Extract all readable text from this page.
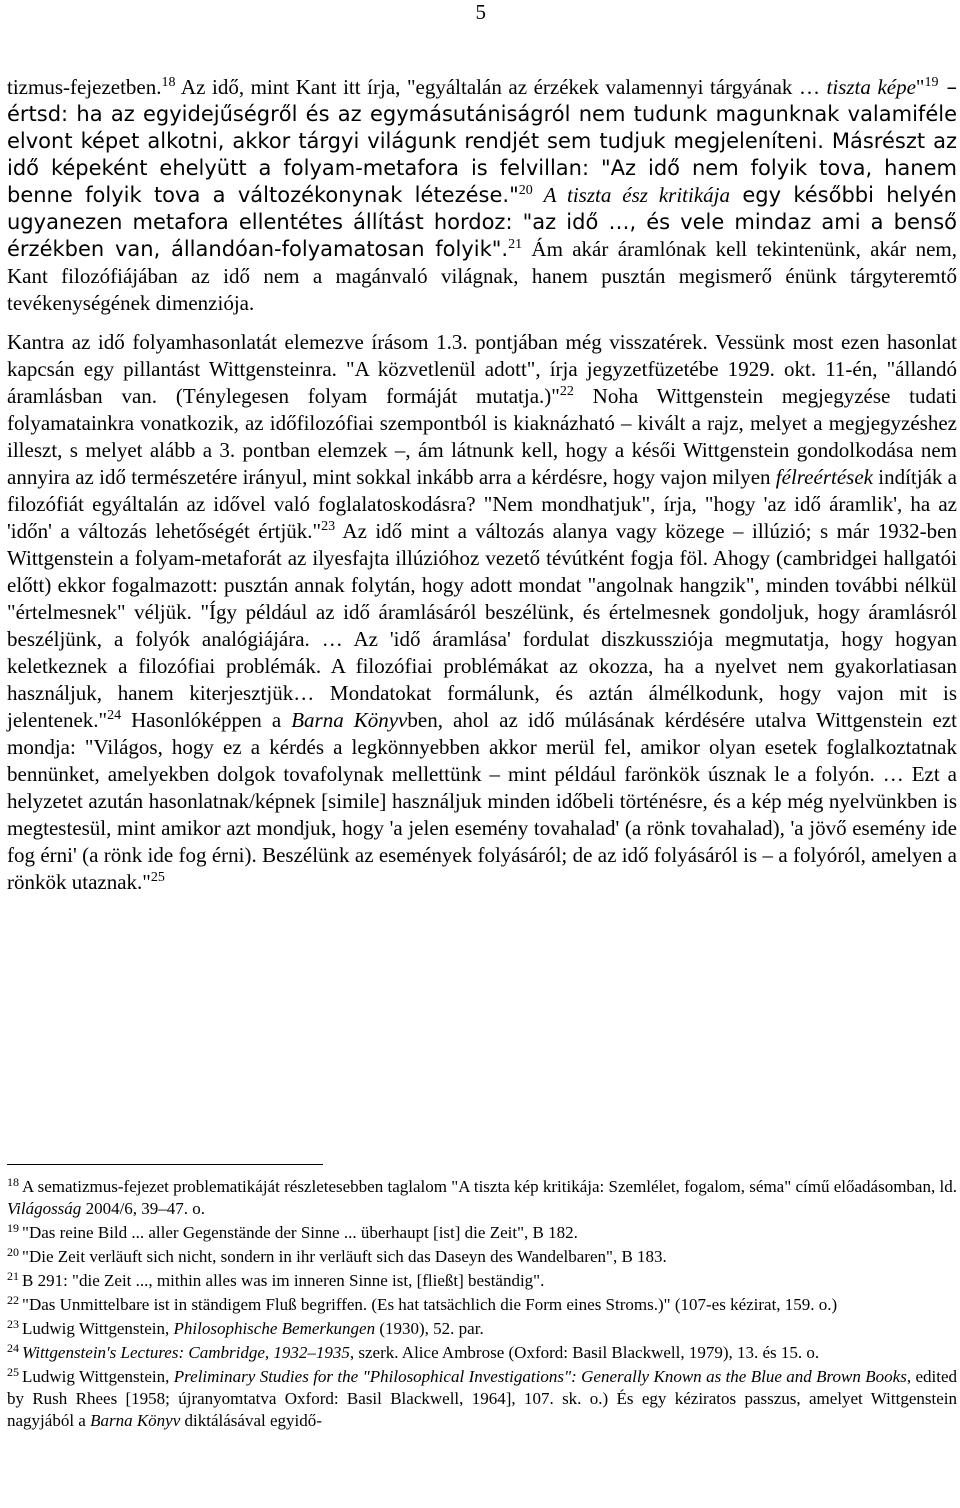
5

tizmus-fejezetben.$^{18}$ Az idő, mint Kant itt írja, "egyáltalán az érzékek valamennyi tárgyának … tiszta képe"$^{19}$ – értsd: ha az egyidejűségről és az egymásutániságról nem tudunk magunknak valamiféle elvont képet alkotni, akkor tárgyi világunk rendjét sem tudjuk megjeleníteni. Másrészt az idő képeként ehelyütt a folyam-metafora is felvillan: "Az idő nem folyik tova, hanem benne folyik tova a változékonynak létezése."$^{20}$ A tiszta ész kritikája egy későbbi helyén ugyanezen metafora ellentétes állítást hordoz: "az idő …, és vele mindaz ami a benső érzékben van, állandóan-folyamatosan folyik".$^{21}$ Ám akár áramlónak kell tekintenünk, akár nem, Kant filozófiájában az idő nem a magánvaló világnak, hanem pusztán megismerő énünk tárgyteremtő tevékenységének dimenziója.

Kantra az idő folyamhasonlatát elemezve írásom 1.3. pontjában még visszatérek. Vessünk most ezen hasonlat kapcsán egy pillantást Wittgensteinra. "A közvetlenül adott", írja jegyzetfüzetébe 1929. okt. 11-én, "állandó áramlásban van. (Ténylegesen folyam formáját mutatja.)"$^{22}$ Noha Wittgenstein megjegyzése tudati folyamatainkra vonatkozik, az időfilozófiai szempontból is kiaknázható – kivált a rajz, melyet a megjegyzéshez illeszt, s melyet alább a 3. pontban elemzek –, ám látnunk kell, hogy a késői Wittgenstein gondolkodása nem annyira az idő természetére irányul, mint sokkal inkább arra a kérdésre, hogy vajon milyen félreértések indítják a filozófiát egyáltalán az idővel való foglalatoskodásra? "Nem mondhatjuk", írja, "hogy 'az idő áramlik', ha az 'időn' a változás lehetőségét értjük."$^{23}$ Az idő mint a változás alanya vagy közege – illúzió; s már 1932-ben Wittgenstein a folyam-metaforát az ilyesfajta illúzióhoz vezető tévútként fogja föl. Ahogy (cambridgei hallgatói előtt) ekkor fogalmazott: pusztán annak folytán, hogy adott mondat "angolnak hangzik", minden további nélkül "értelmesnek" véljük. "Így például az idő áramlásáról beszélünk, és értelmesnek gondoljuk, hogy áramlásról beszéljünk, a folyók analógiájára. … Az 'idő áramlása' fordulat diszkussziója megmutatja, hogy hogyan keletkeznek a filozófiai problémák. A filozófiai problémákat az okozza, ha a nyelvet nem gyakorlatiasan használjuk, hanem kiterjesztjük… Mondatokat formálunk, és aztán álmélkodunk, hogy vajon mit is jelentenek."$^{24}$ Hasonlóképpen a Barna Könyvben, ahol az idő múlásának kérdésére utalva Wittgenstein ezt mondja: "Világos, hogy ez a kérdés a legkönnyebben akkor merül fel, amikor olyan esetek foglalkoztatnak bennünket, amelyekben dolgok tovafolynak mellettünk – mint például farönkök úsznak le a folyón. … Ezt a helyzetet azután hasonlatnak/képnek [simile] használjuk minden időbeli történésre, és a kép még nyelvünkben is megtestesül, mint amikor azt mondjuk, hogy 'a jelen esemény tovahalad' (a rönk tovahalad), 'a jövő esemény ide fog érni' (a rönk ide fog érni). Beszélünk az események folyásáról; de az idő folyásáról is – a folyóról, amelyen a rönkök utaznak."$^{25}$

$^{18}$ A sematizmus-fejezet problematikáját részletesebben taglalom "A tiszta kép kritikája: Szemlélet, fogalom, séma" című előadásomban, ld. Világosság 2004/6, 39–47. o.

$^{19}$ "Das reine Bild ... aller Gegenstände der Sinne ... überhaupt [ist] die Zeit", B 182.

$^{20}$ "Die Zeit verläuft sich nicht, sondern in ihr verläuft sich das Daseyn des Wandelbaren", B 183.

$^{21}$ B 291: "die Zeit ..., mithin alles was im inneren Sinne ist, [fließt] beständig".

$^{22}$ "Das Unmittelbare ist in ständigem Fluß begriffen. (Es hat tatsächlich die Form eines Stroms.)" (107-es kézirat, 159. o.)

$^{23}$ Ludwig Wittgenstein, Philosophische Bemerkungen (1930), 52. par.

$^{24}$ Wittgenstein's Lectures: Cambridge, 1932–1935, szerk. Alice Ambrose (Oxford: Basil Blackwell, 1979), 13. és 15. o.

$^{25}$ Ludwig Wittgenstein, Preliminary Studies for the "Philosophical Investigations": Generally Known as the Blue and Brown Books, edited by Rush Rhees [1958; újranyomtatva Oxford: Basil Blackwell, 1964], 107. sk. o.) És egy kéziratos passzus, amelyet Wittgenstein nagyjából a Barna Könyv diktálásával egyidő-
